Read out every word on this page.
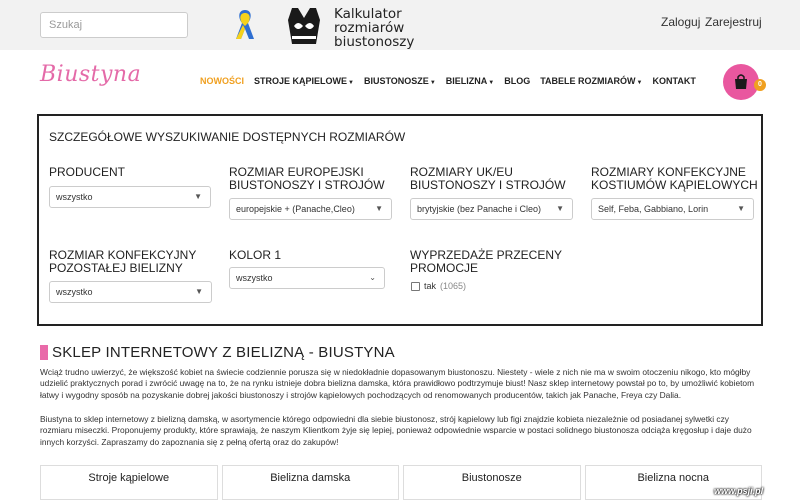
Szukaj
Kalkulator
rozmiarów
biustonoszy
Zaloguj Zarejestruj
Biustyna	NOWOŚCI STROJE KĄPIELOWE▼ BIUSTONOSZE▼ BIELIZNA▼ BLOG TABELE ROZMIARÓW▼ KONTAKT	0
SZCZEGÓŁOWE WYSZUKIWANIE DOSTĘPNYCH ROZMIARÓW
PRODUCENT
wszystko	▼
ROZMIAR EUROPEJSKI BIUSTONOSZY I STROJÓW
europejskie + (Panache,Cleo)	▼
ROZMIARY UK/EU BIUSTONOSZY I STROJÓW
brytyjskie (bez Panache i Cleo) ▼
ROZMIARY KONFEKCYJNE KOSTIUMÓW KĄPIELOWYCH
Self, Feba, Gabbiano, Lorin	▼
ROZMIAR KONFEKCYJNY POZOSTAŁEJ BIELIZNY
wszystko	▼
KOLOR 1
wszystko	⌄
WYPRZEDAŻE PRZECENY PROMOCJE
tak (1065)
SKLEP INTERNETOWY Z BIELIZNĄ - BIUSTYNA

Wciąż trudno uwierzyć, że większość kobiet na świecie codziennie porusza się w niedokładnie dopasowanym biustonoszu. Niestety - wiele z nich nie ma w swoim otoczeniu nikogo, kto mógłby udzielić praktycznych porad i zwrócić uwagę na to, że na rynku istnieje dobra bielizna damska, która prawidłowo podtrzymuje biust! Nasz sklep internetowy powstał po to, by umożliwić kobietom łatwy i wygodny sposób na pozyskanie dobrej jakości biustonoszy i strojów kąpielowych pochodzących od renomowanych producentów, takich jak Panache, Freya czy Dalia.

Biustyna to sklep internetowy z bielizną damską, w asortymencie którego odpowiedni dla siebie biustonosz, strój kąpielowy lub figi znajdzie kobieta niezależnie od posiadanej sylwetki czy rozmiaru miseczki. Proponujemy produkty, które sprawiają, że naszym Klientkom żyje się lepiej, ponieważ odpowiednie wsparcie w postaci solidnego biustonosza odciąża kręgosłup i daje dużo innych korzyści. Zapraszamy do zapoznania się z pełną ofertą oraz do zakupów!

Stroje kąpielowe	Bielizna damska	Biustonosze	Bielizna nocna
www.psji.pl
